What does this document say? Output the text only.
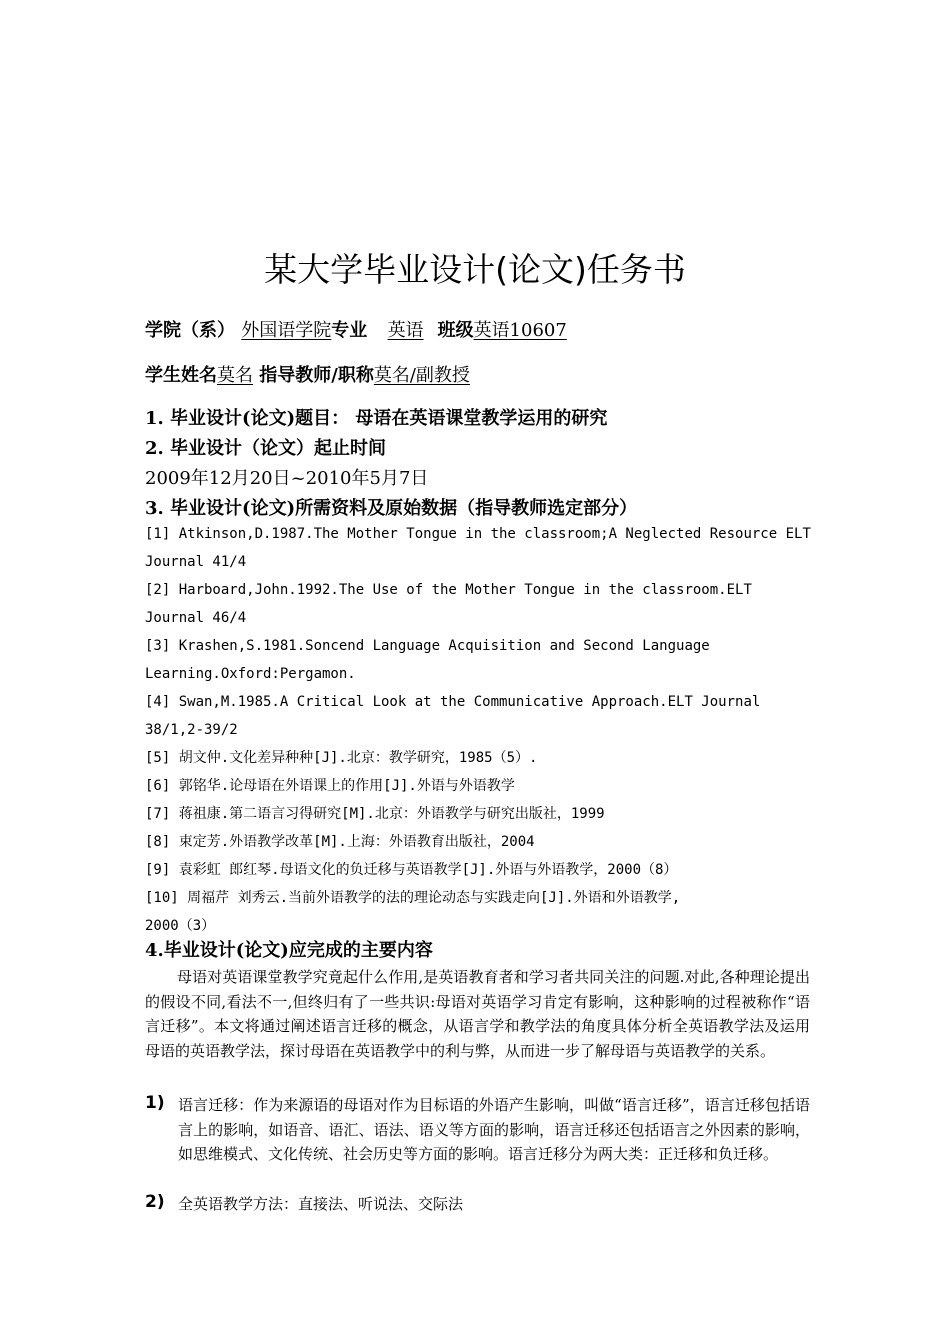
某大学毕业设计(论文)任务书
学院（系） 外国语学院专业 英语 班级英语10607
学生姓名莫名 指导教师/职称莫名/副教授
1. 毕业设计(论文)题目： 母语在英语课堂教学运用的研究
2. 毕业设计（论文）起止时间
2009年12月20日~2010年5月7日
3. 毕业设计(论文)所需资料及原始数据（指导教师选定部分）
[1] Atkinson,D.1987.The Mother Tongue in the classroom;A Neglected Resource ELT
Journal 41/4
[2] Harboard,John.1992.The Use of the Mother Tongue in the classroom.ELT
Journal 46/4
[3] Krashen,S.1981.Soncend Language Acquisition and Second Language
Learning.Oxford:Pergamon.
[4] Swan,M.1985.A Critical Look at the Communicative Approach.ELT Journal
38/1,2-39/2
[5] 胡文仲.文化差异种种[J].北京：教学研究，1985（5）.
[6] 郭铭华.论母语在外语课上的作用[J].外语与外语教学
[7] 蒋祖康.第二语言习得研究[M].北京：外语教学与研究出版社，1999
[8] 束定芳.外语教学改革[M].上海：外语教育出版社，2004
[9] 袁彩虹 郎红琴.母语文化的负迁移与英语教学[J].外语与外语教学，2000（8）
[10] 周福芹 刘秀云.当前外语教学的法的理论动态与实践走向[J].外语和外语教学,
2000（3）
4.毕业设计(论文)应完成的主要内容
母语对英语课堂教学究竟起什么作用,是英语教育者和学习者共同关注的问题.对此,各种理论提出的假设不同,看法不一,但终归有了一些共识:母语对英语学习肯定有影响，这种影响的过程被称作“语言迁移”。本文将通过阐述语言迁移的概念，从语言学和教学法的角度具体分析全英语教学法及运用母语的英语教学法，探讨母语在英语教学中的利与弊，从而进一步了解母语与英语教学的关系。
1) 语言迁移：作为来源语的母语对作为目标语的外语产生影响，叫做“语言迁移”，语言迁移包括语言上的影响，如语音、语汇、语法、语义等方面的影响，语言迁移还包括语言之外因素的影响，如思维模式、文化传统、社会历史等方面的影响。语言迁移分为两大类：正迁移和负迁移。
2) 全英语教学方法：直接法、听说法、交际法
